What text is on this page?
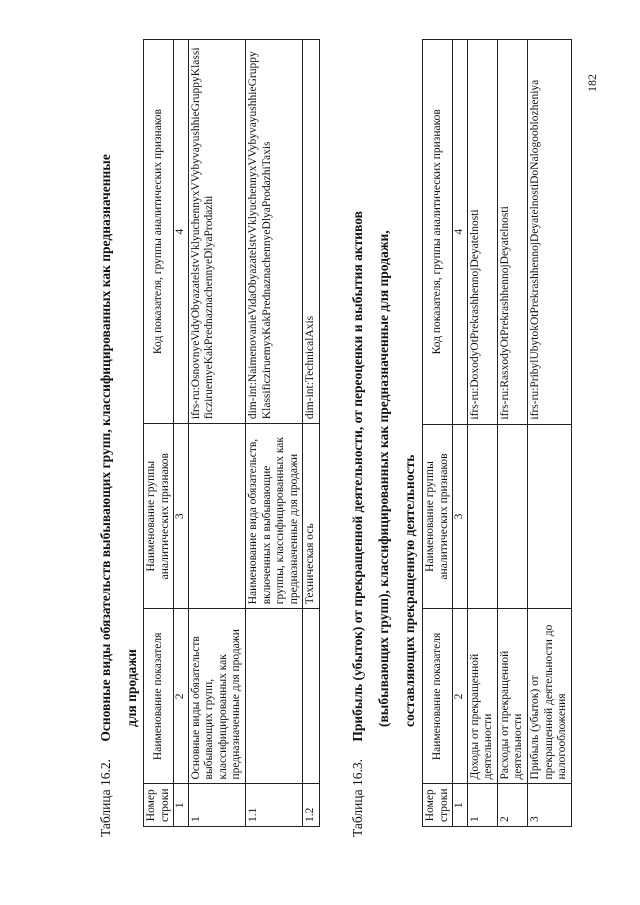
182
Таблица 16.2. Основные виды обязательств выбывающих групп, классифицированных как предназначенные для продажи
Номер строки	Наименование показателя	Наименование группы аналитических признаков	Код показателя, группы аналитических признаков
1	2	3	4
1	Основные виды обязательств выбывающих групп, классифицированных как предназначенные для продажи		ifrs-ru:OsnovnyeVidyObyazatelstvVklyuchennyxVVybyvayushhieGruppyKlassificziruemyeKakPrednaznachennyeDlyaProdazhi
1.1		Наименование вида обязательств, включенных в выбывающие группы, классифицированных как предназначенные для продажи	dim-int:NaimenovanieVidaObyazatelstvVklyuchennyxVVybyvayushhieGruppyKlassificziruemyxKakPrednaznachennyeDlyaProdazhiTaxis
1.2		Техническая ось	dim-int:TechnicalAxis
Таблица 16.3. Прибыль (убыток) от прекращенной деятельности, от переоценки и выбытия активов (выбывающих групп), классифицированных как предназначенные для продажи, составляющих прекращенную деятельность
Номер строки	Наименование показателя	Наименование группы аналитических признаков	Код показателя, группы аналитических признаков
1	2	3	4
1	Доходы от прекращенной деятельности		ifrs-ru:DoxodyOtPrekrashhennojDeyatelnosti
2	Расходы от прекращенной деятельности		ifrs-ru:RasxodyOtPrekrashhennojDeyatelnosti
3	Прибыль (убыток) от прекращенной деятельности до налогообложения		ifrs-ru:PribylUbytokOtPrekrashhennojDeyatelnostiDoNalogooblozheniya
